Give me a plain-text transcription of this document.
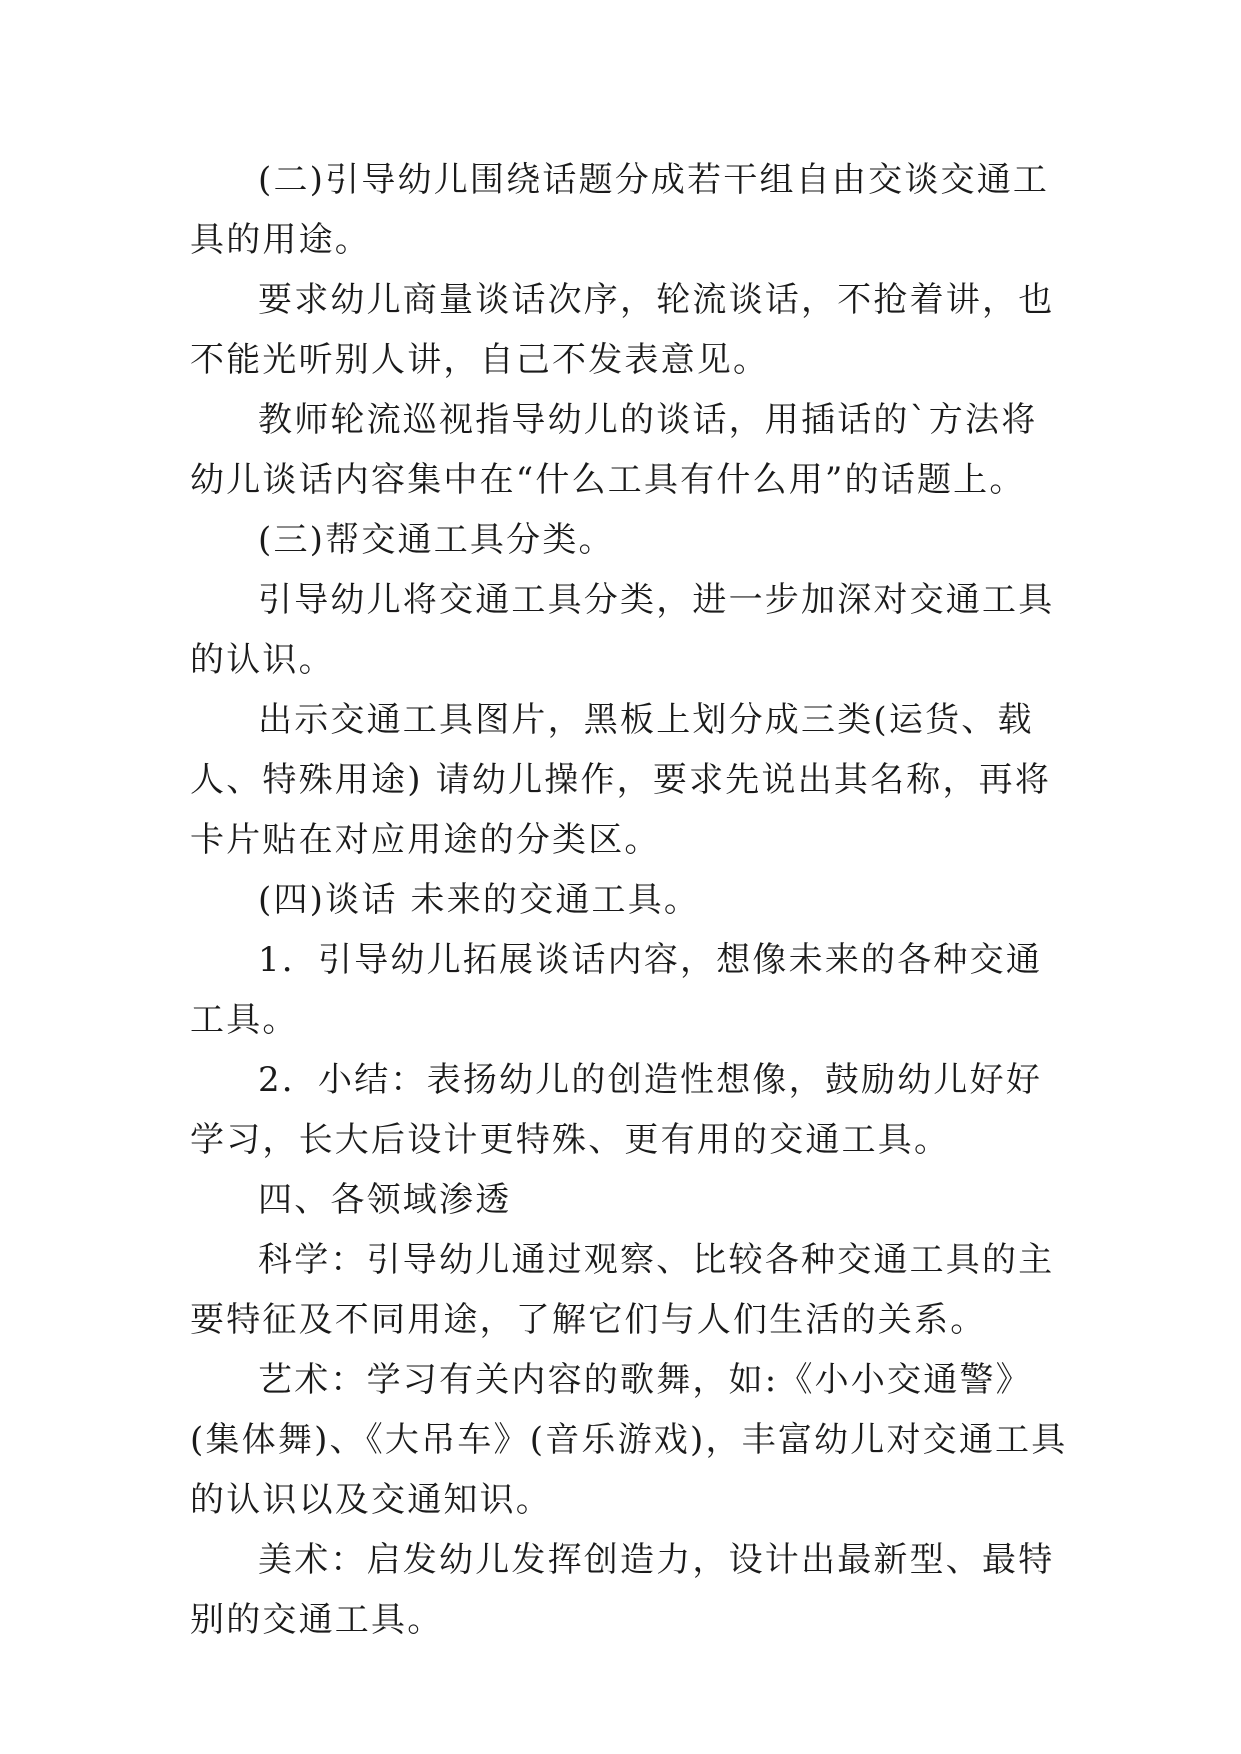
(二)引导幼儿围绕话题分成若干组自由交谈交通工具的用途。

要求幼儿商量谈话次序，轮流谈话，不抢着讲，也不能光听别人讲，自己不发表意见。

教师轮流巡视指导幼儿的谈话，用插话的`方法将幼儿谈话内容集中在“什么工具有什么用”的话题上。

(三)帮交通工具分类。

引导幼儿将交通工具分类，进一步加深对交通工具的认识。

出示交通工具图片，黑板上划分成三类(运货、载人、特殊用途) 请幼儿操作，要求先说出其名称，再将卡片贴在对应用途的分类区。

(四)谈话 未来的交通工具。

1．引导幼儿拓展谈话内容，想像未来的各种交通工具。

2．小结：表扬幼儿的创造性想像，鼓励幼儿好好学习，长大后设计更特殊、更有用的交通工具。

四、各领域渗透

科学：引导幼儿通过观察、比较各种交通工具的主要特征及不同用途，了解它们与人们生活的关系。

艺术：学习有关内容的歌舞，如:《小小交通警》(集体舞)、《大吊车》(音乐游戏)，丰富幼儿对交通工具的认识以及交通知识。

美术：启发幼儿发挥创造力，设计出最新型、最特别的交通工具。
